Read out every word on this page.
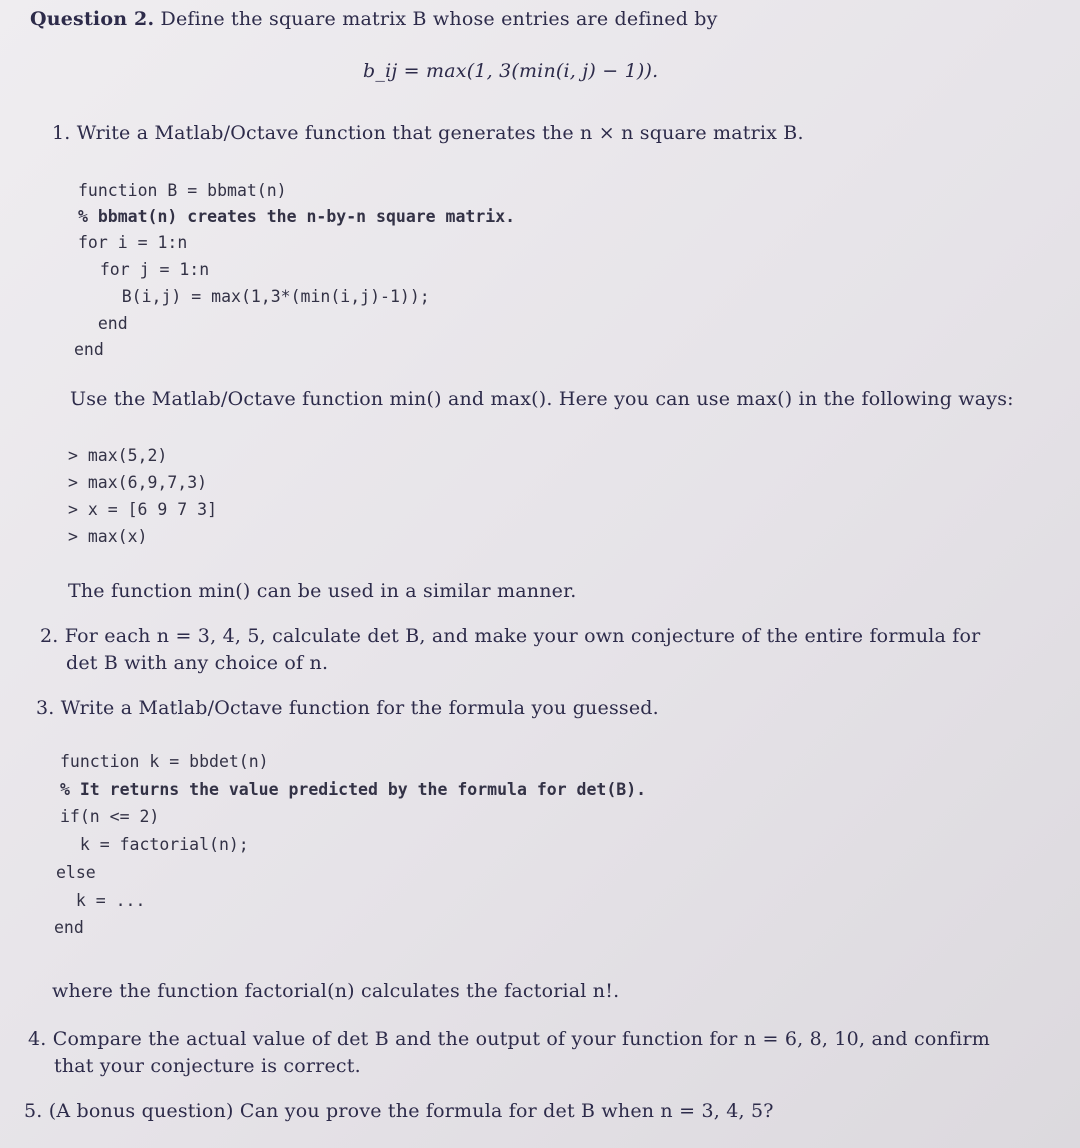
Question 2. Define the square matrix B whose entries are defined by
b_ij = max(1, 3(min(i, j) − 1)).
1. Write a Matlab/Octave function that generates the n × n square matrix B.
function B = bbmat(n)
% bbmat(n) creates the n-by-n square matrix.
for i = 1:n
for j = 1:n
B(i,j) = max(1,3*(min(i,j)-1));
end
end
Use the Matlab/Octave function min() and max(). Here you can use max() in the following ways:
> max(5,2)
> max(6,9,7,3)
> x = [6 9 7 3]
> max(x)
The function min() can be used in a similar manner.
2. For each n = 3, 4, 5, calculate det B, and make your own conjecture of the entire formula for
det B with any choice of n.
3. Write a Matlab/Octave function for the formula you guessed.
function k = bbdet(n)
% It returns the value predicted by the formula for det(B).
if(n <= 2)
k = factorial(n);
else
k = ...
end
where the function factorial(n) calculates the factorial n!.
4. Compare the actual value of det B and the output of your function for n = 6, 8, 10, and confirm
that your conjecture is correct.
5. (A bonus question) Can you prove the formula for det B when n = 3, 4, 5?
